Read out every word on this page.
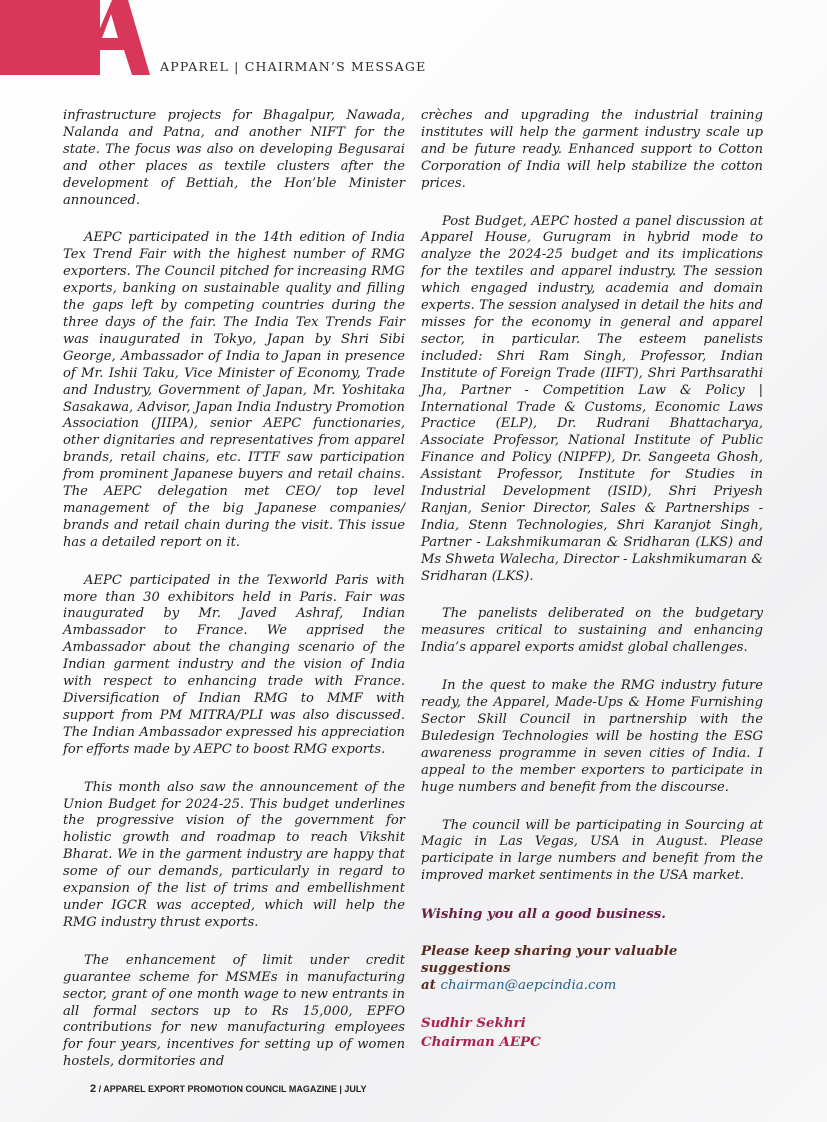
APPAREL | CHAIRMAN’S MESSAGE

infrastructure projects for Bhagalpur, Nawada, Nalanda and Patna, and another NIFT for the state. The focus was also on developing Begusarai and other places as textile clusters after the development of Bettiah, the Hon’ble Minister announced.

AEPC participated in the 14th edition of India Tex Trend Fair with the highest number of RMG exporters. The Council pitched for increasing RMG exports, banking on sustainable quality and filling the gaps left by competing countries during the three days of the fair. The India Tex Trends Fair was inaugurated in Tokyo, Japan by Shri Sibi George, Ambassador of India to Japan in presence of Mr. Ishii Taku, Vice Minister of Economy, Trade and Industry, Government of Japan, Mr. Yoshitaka Sasakawa, Advisor, Japan India Industry Promotion Association (JIIPA), senior AEPC functionaries, other dignitaries and representatives from apparel brands, retail chains, etc. ITTF saw participation from prominent Japanese buyers and retail chains. The AEPC delegation met CEO/ top level management of the big Japanese companies/ brands and retail chain during the visit. This issue has a detailed report on it.

AEPC participated in the Texworld Paris with more than 30 exhibitors held in Paris. Fair was inaugurated by Mr. Javed Ashraf, Indian Ambassador to France. We apprised the Ambassador about the changing scenario of the Indian garment industry and the vision of India with respect to enhancing trade with France. Diversification of Indian RMG to MMF with support from PM MITRA/PLI was also discussed. The Indian Ambassador expressed his appreciation for efforts made by AEPC to boost RMG exports.

This month also saw the announcement of the Union Budget for 2024-25. This budget underlines the progressive vision of the government for holistic growth and roadmap to reach Vikshit Bharat. We in the garment industry are happy that some of our demands, particularly in regard to expansion of the list of trims and embellishment under IGCR was accepted, which will help the RMG industry thrust exports.

The enhancement of limit under credit guarantee scheme for MSMEs in manufacturing sector, grant of one month wage to new entrants in all formal sectors up to Rs 15,000, EPFO contributions for new manufacturing employees for four years, incentives for setting up of women hostels, dormitories and

crèches and upgrading the industrial training institutes will help the garment industry scale up and be future ready. Enhanced support to Cotton Corporation of India will help stabilize the cotton prices.

Post Budget, AEPC hosted a panel discussion at Apparel House, Gurugram in hybrid mode to analyze the 2024-25 budget and its implications for the textiles and apparel industry. The session which engaged industry, academia and domain experts. The session analysed in detail the hits and misses for the economy in general and apparel sector, in particular. The esteem panelists included: Shri Ram Singh, Professor, Indian Institute of Foreign Trade (IIFT), Shri Parthsarathi Jha, Partner - Competition Law & Policy | International Trade & Customs, Economic Laws Practice (ELP), Dr. Rudrani Bhattacharya, Associate Professor, National Institute of Public Finance and Policy (NIPFP), Dr. Sangeeta Ghosh, Assistant Professor, Institute for Studies in Industrial Development (ISID), Shri Priyesh Ranjan, Senior Director, Sales & Partnerships - India, Stenn Technologies, Shri Karanjot Singh, Partner - Lakshmikumaran & Sridharan (LKS) and Ms Shweta Walecha, Director - Lakshmikumaran & Sridharan (LKS).

The panelists deliberated on the budgetary measures critical to sustaining and enhancing India’s apparel exports amidst global challenges.

In the quest to make the RMG industry future ready, the Apparel, Made-Ups & Home Furnishing Sector Skill Council in partnership with the Buledesign Technologies will be hosting the ESG awareness programme in seven cities of India. I appeal to the member exporters to participate in huge numbers and benefit from the discourse.

The council will be participating in Sourcing at Magic in Las Vegas, USA in August. Please participate in large numbers and benefit from the improved market sentiments in the USA market.

Wishing you all a good business.
Please keep sharing your valuable suggestions
at chairman@aepcindia.com
Sudhir Sekhri
Chairman AEPC
2 / APPAREL EXPORT PROMOTION COUNCIL MAGAZINE | JULY
